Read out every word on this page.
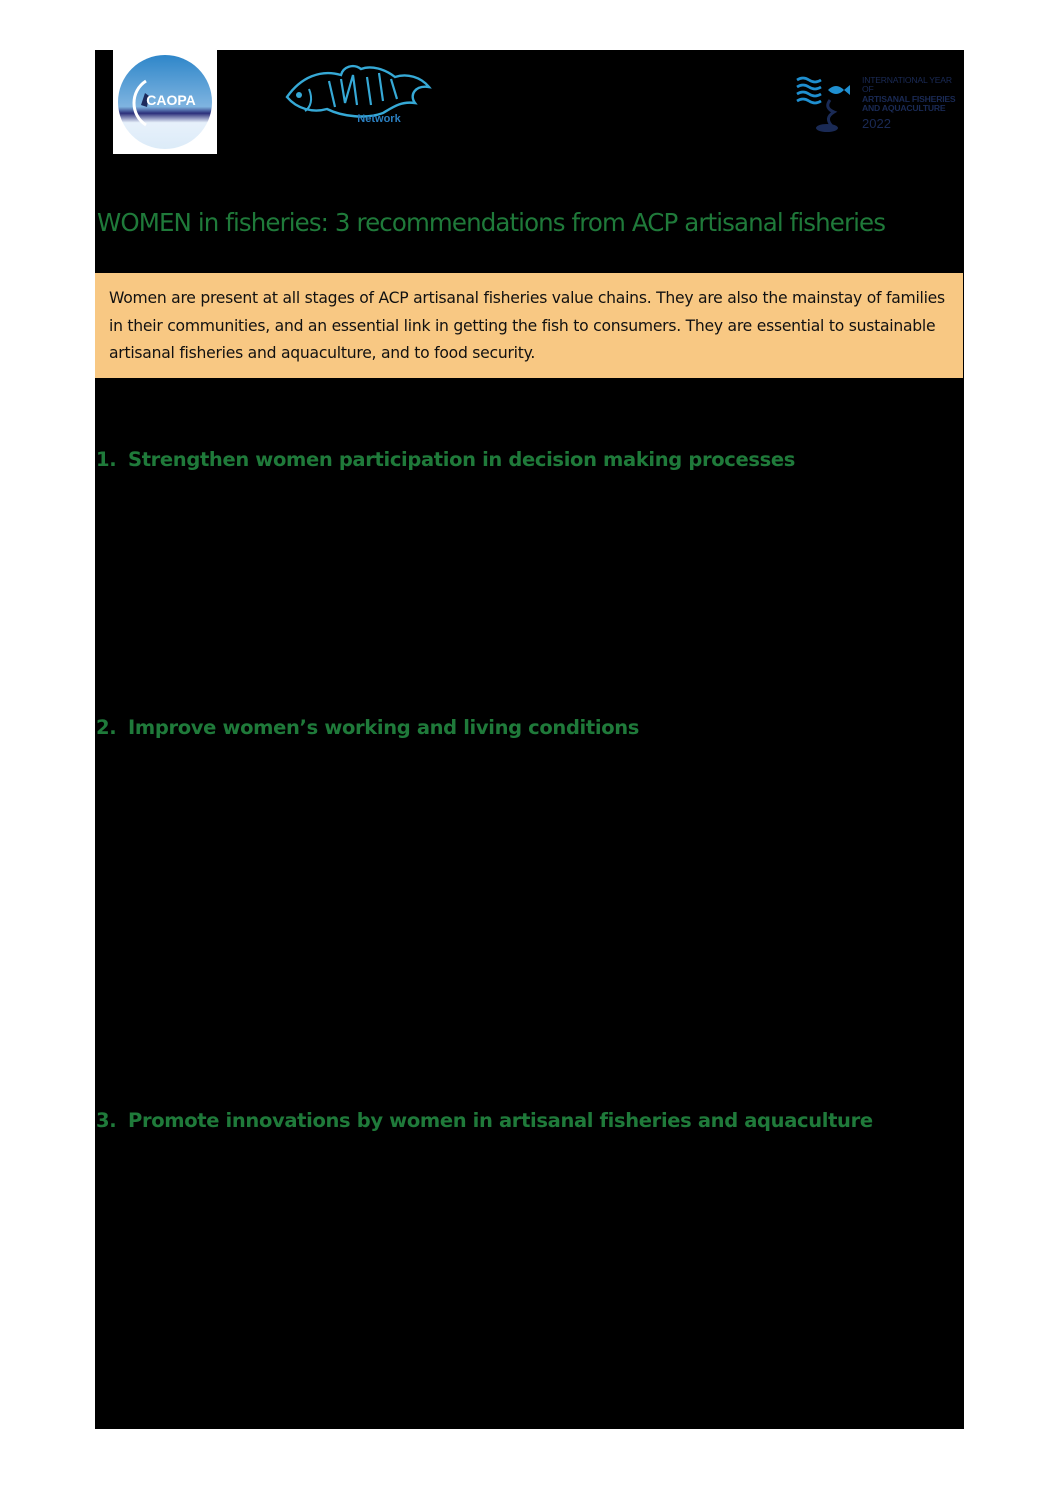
CAOPA
Network
INTERNATIONAL YEAR OF
ARTISANAL FISHERIES
AND AQUACULTURE
2022
WOMEN in fisheries: 3 recommendations from ACP artisanal fisheries

Women are present at all stages of ACP artisanal fisheries value chains. They are also the mainstay of families in their communities, and an essential link in getting the fish to consumers. They are essential to sustainable artisanal fisheries and aquaculture, and to food security.

1. Strengthen women participation in decision making processes
2. Improve women’s working and living conditions
3. Promote innovations by women in artisanal fisheries and aquaculture
